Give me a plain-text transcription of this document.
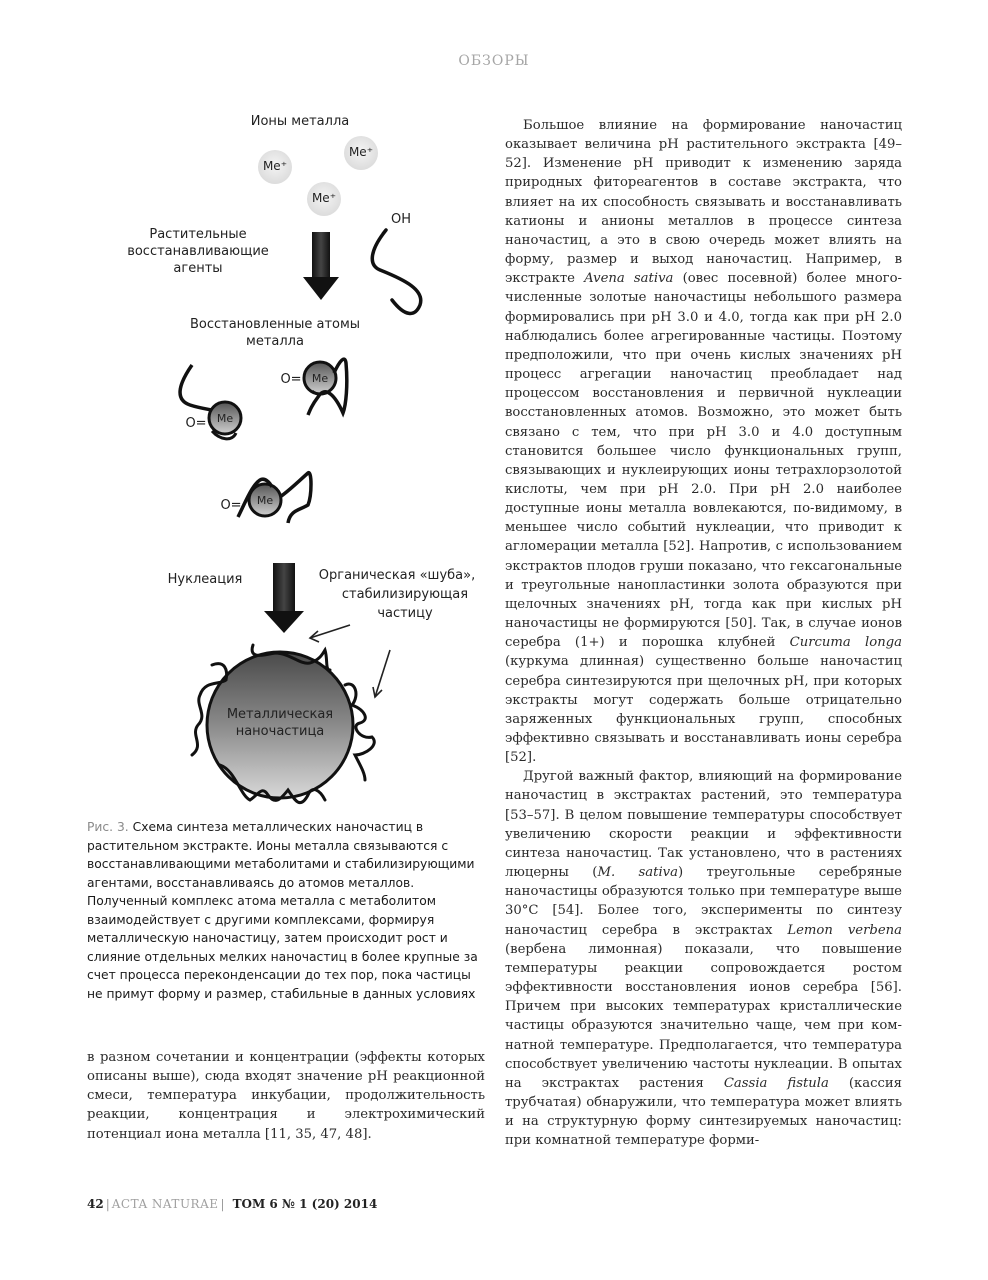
ОБЗОРЫ
Ионы металла
Me⁺
Me⁺
Me⁺
OH
Растительные
восстанавливающие
агенты
Восстановленные атомы
металла
Me
Me
Me
O=
O=
O=
Нуклеация	Органическая «шуба»,
стабилизирующая
частицу
Металлическая
наночастица
Рис. 3. Схема синтеза металлических наночастиц в растительном экстракте. Ионы металла связываются с восстанавливающими метаболитами и стабилизирующими агентами, восстанавливаясь до атомов металлов. Полученный комплекс атома металла с метаболитом взаимодействует с другими комплексами, формируя металлическую наночастицу, затем происходит рост и слияние отдельных мелких наночастиц в более крупные за счет процесса переконденсации до тех пор, пока частицы не примут форму и размер, стабильные в данных условиях

в разном сочетании и концентрации (эффекты которых описаны выше), сюда входят значение pH реакционной смеси, температура инкубации, продолжительность реакции, концентрация и электрохимический потенциал иона металла [11, 35, 47, 48].

Большое влияние на формирование наночастиц оказывает величина pH растительного экстракта [49–52]. Изменение pH приводит к изменению заряда природных фитореагентов в составе экстракта, что влияет на их способность связывать и восстанавливать катионы и анионы металлов в процессе синтеза наночастиц, а это в свою очередь может влиять на форму, размер и выход наночастиц. Например, в экстракте Avena sativa (овес посевной) более многочисленные золотые наночастицы небольшого размера формировались при pH 3.0 и 4.0, тогда как при pH 2.0 наблюдались более агрегированные частицы. Поэтому предположили, что при очень кислых значениях pH процесс агрегации наночастиц преобладает над процессом восстановления и первичной нуклеации восстановленных атомов. Возможно, это может быть связано с тем, что при pH 3.0 и 4.0 доступным становится большее число функциональных групп, связывающих и нуклеирующих ионы тетрахлорзолотой кислоты, чем при pH 2.0. При pH 2.0 наиболее доступные ионы металла вовлекаются, по-видимому, в меньшее число событий нуклеации, что приводит к агломерации металла [52]. Напротив, с использованием экстрактов плодов груши показано, что гексагональные и треугольные нанопластинки золота образуются при щелочных значениях pH, тогда как при кислых pH наночастицы не формируются [50]. Так, в случае ионов серебра (1+) и порошка клубней Curcuma longa (куркума длинная) существенно больше наночастиц серебра синтезируются при щелочных pH, при которых экстракты могут содержать больше отрицательно заряженных функциональных групп, способных эффективно связывать и восстанавливать ионы серебра [52].

Другой важный фактор, влияющий на формирование наночастиц в экстрактах растений, это температура [53–57]. В целом повышение температуры способствует увеличению скорости реакции и эффективности синтеза наночастиц. Так установлено, что в растениях люцерны (M. sativa) треугольные серебряные наночастицы образуются только при температуре выше 30°C [54]. Более того, эксперименты по синтезу наночастиц серебра в экстрактах Lemon verbena (вербена лимонная) показали, что повышение температуры реакции сопровождается ростом эффективности восстановления ионов серебра [56]. Причем при высоких температурах кристаллические частицы образуются значительно чаще, чем при комнатной температуре. Предполагается, что температура способствует увеличению частоты нуклеации. В опытах на экстрактах растения Cassia fistula (кассия трубчатая) обнаружили, что температура может влиять и на структурную форму синтезируемых наночастиц: при комнатной температуре форми-

42 | ACTA NATURAE | ТОМ 6 № 1 (20) 2014
